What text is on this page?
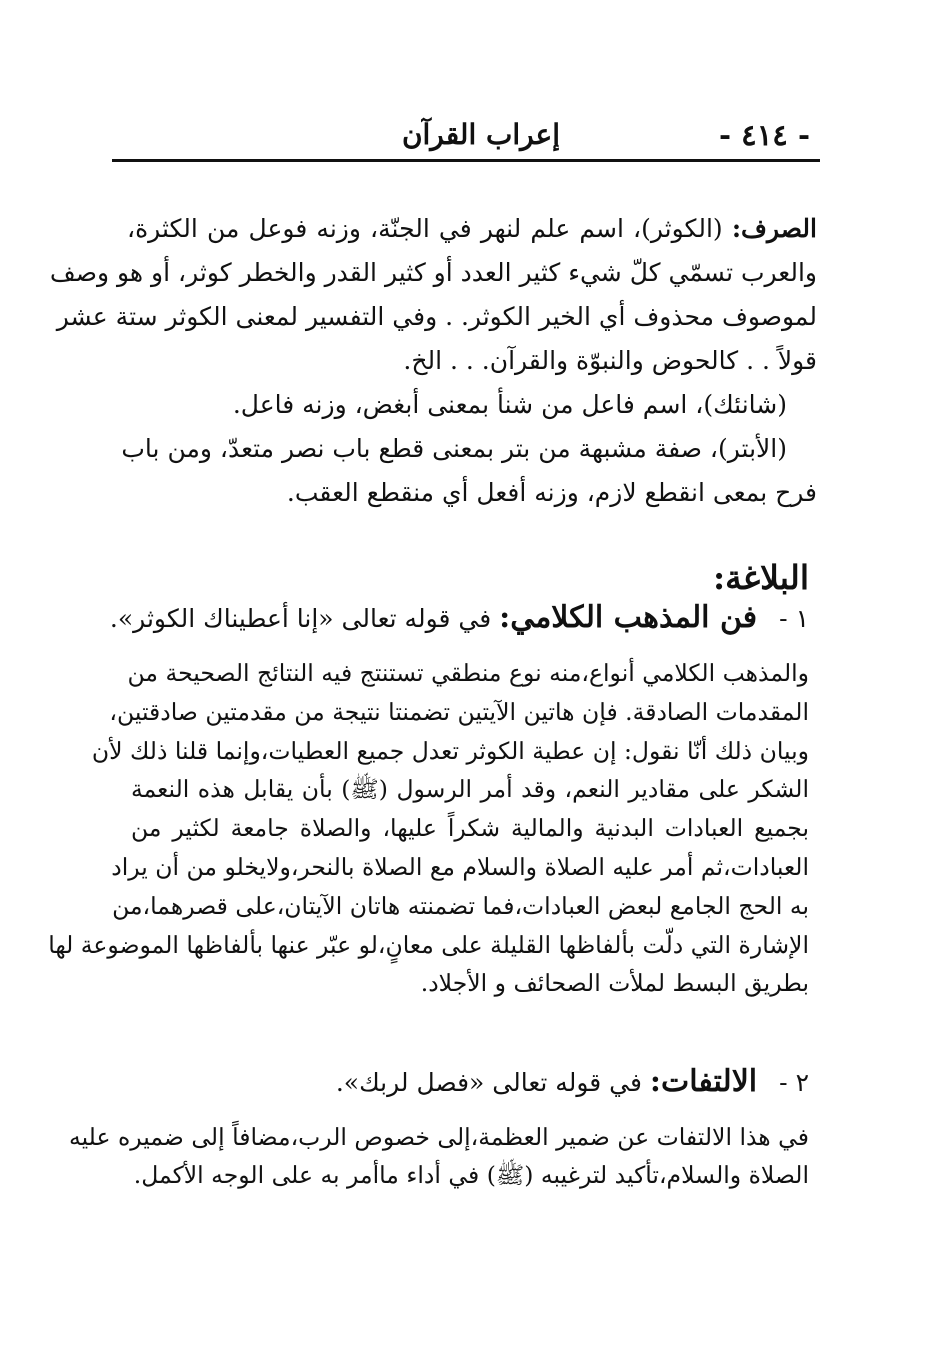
- ٤١٤ -
إعراب القرآن
الصرف: (الكوثر)، اسم علم لنهر في الجنّة، وزنه فوعل من الكثرة،
والعرب تسمّي كلّ شيء كثير العدد أو كثير القدر والخطر كوثر، أو هو وصف
لموصوف محذوف أي الخير الكوثر. . وفي التفسير لمعنى الكوثر ستة عشر
قولاً . . كالحوض والنبوّة والقرآن. . . الخ.
(شانئك)، اسم فاعل من شنأ بمعنى أبغض، وزنه فاعل.
(الأبتر)، صفة مشبهة من بتر بمعنى قطع باب نصر متعدّ، ومن باب
فرح بمعى انقطع لازم، وزنه أفعل أي منقطع العقب.
البلاغة:
١ -فن المذهب الكلامي: في قوله تعالى «إنا أعطيناك الكوثر».
والمذهب الكلامي أنواع،منه نوع منطقي تستنتج فيه النتائج الصحيحة من
المقدمات الصادقة. فإن هاتين الآيتين تضمنتا نتيجة من مقدمتين صادقتين،
وبيان ذلك أنّا نقول: إن عطية الكوثر تعدل جميع العطيات،وإنما قلنا ذلك لأن
الشكر على مقادير النعم، وقد أمر الرسول (ﷺ) بأن يقابل هذه النعمة
بجميع العبادات البدنية والمالية شكراً عليها، والصلاة جامعة لكثير من
العبادات،ثم أمر عليه الصلاة والسلام مع الصلاة بالنحر،ولايخلو من أن يراد
به الحج الجامع لبعض العبادات،فما تضمنته هاتان الآيتان،على قصرهما،من
الإشارة التي دلّت بألفاظها القليلة على معانٍ،لو عبّر عنها بألفاظها الموضوعة لها
بطريق البسط لملأت الصحائف و الأجلاد.
٢ -الالتفات: في قوله تعالى «فصل لربك».
في هذا الالتفات عن ضمير العظمة،إلى خصوص الرب،مضافاً إلى ضميره عليه
الصلاة والسلام،تأكيد لترغيبه (ﷺ) في أداء ماأمر به على الوجه الأكمل.
